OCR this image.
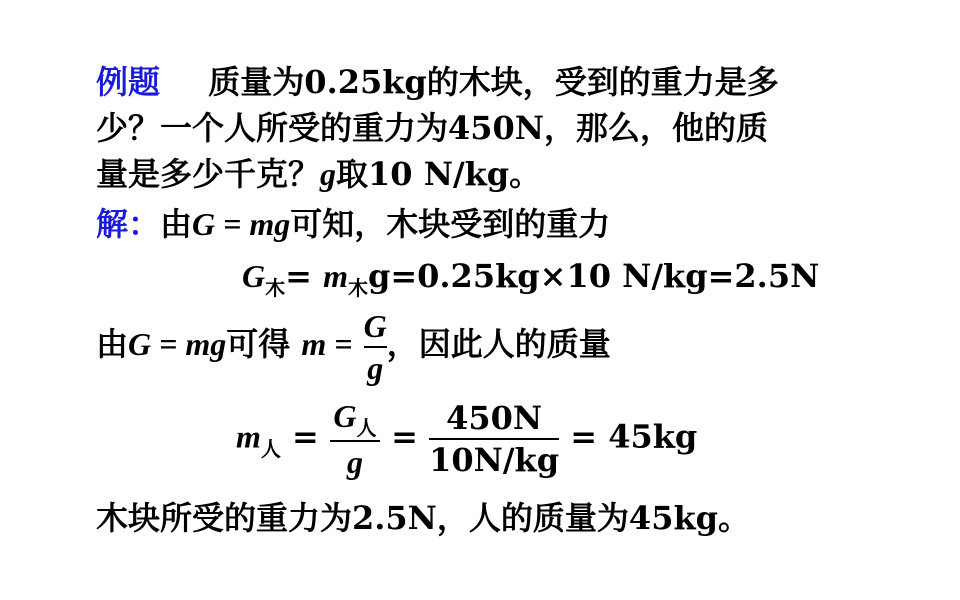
例题 质量为0.25kg的木块，受到的重力是多
少？一个人所受的重力为450N，那么，他的质
量是多少千克？g取10 N/kg。
解：由G = mg可知，木块受到的重力
$G_木= m_木g=0.25kg\times 10$ N/kg=2.5N
由G = mg可得 $m = \frac{G}{g}$ ，因此人的质量
$m_人 = \frac{G_人}{g} = \frac{450N}{10N/kg} = 45kg$
木块所受的重力为2.5N，人的质量为45kg。
